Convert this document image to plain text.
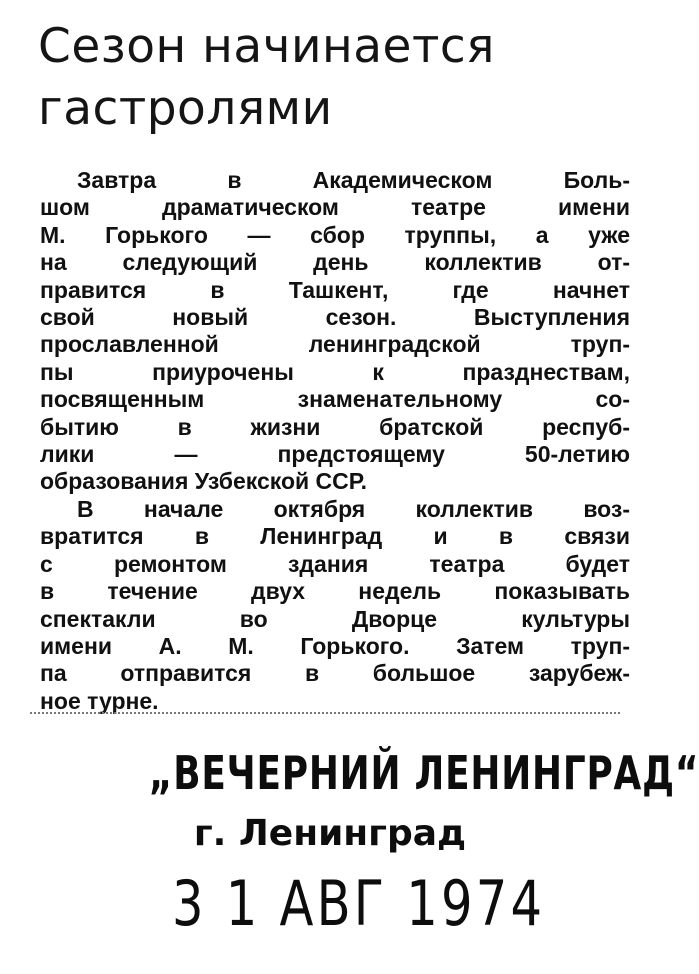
Сезон начинается
гастролями
Завтра в Академическом Боль-
шом драматическом театре имени
М. Горького — сбор труппы, а уже
на следующий день коллектив от-
правится в Ташкент, где начнет
свой новый сезон. Выступления
прославленной ленинградской труп-
пы приурочены к празднествам,
посвященным знаменательному со-
бытию в жизни братской респуб-
лики — предстоящему 50-летию
образования Узбекской ССР.
В начале октября коллектив воз-
вратится в Ленинград и в связи
с ремонтом здания театра будет
в течение двух недель показывать
спектакли во Дворце культуры
имени А. М. Горького. Затем труп-
па отправится в большое зарубеж-
ное турне.
„ВЕЧЕРНИЙ ЛЕНИНГРАД“
г. Ленинград
3 1 АВГ 1974
